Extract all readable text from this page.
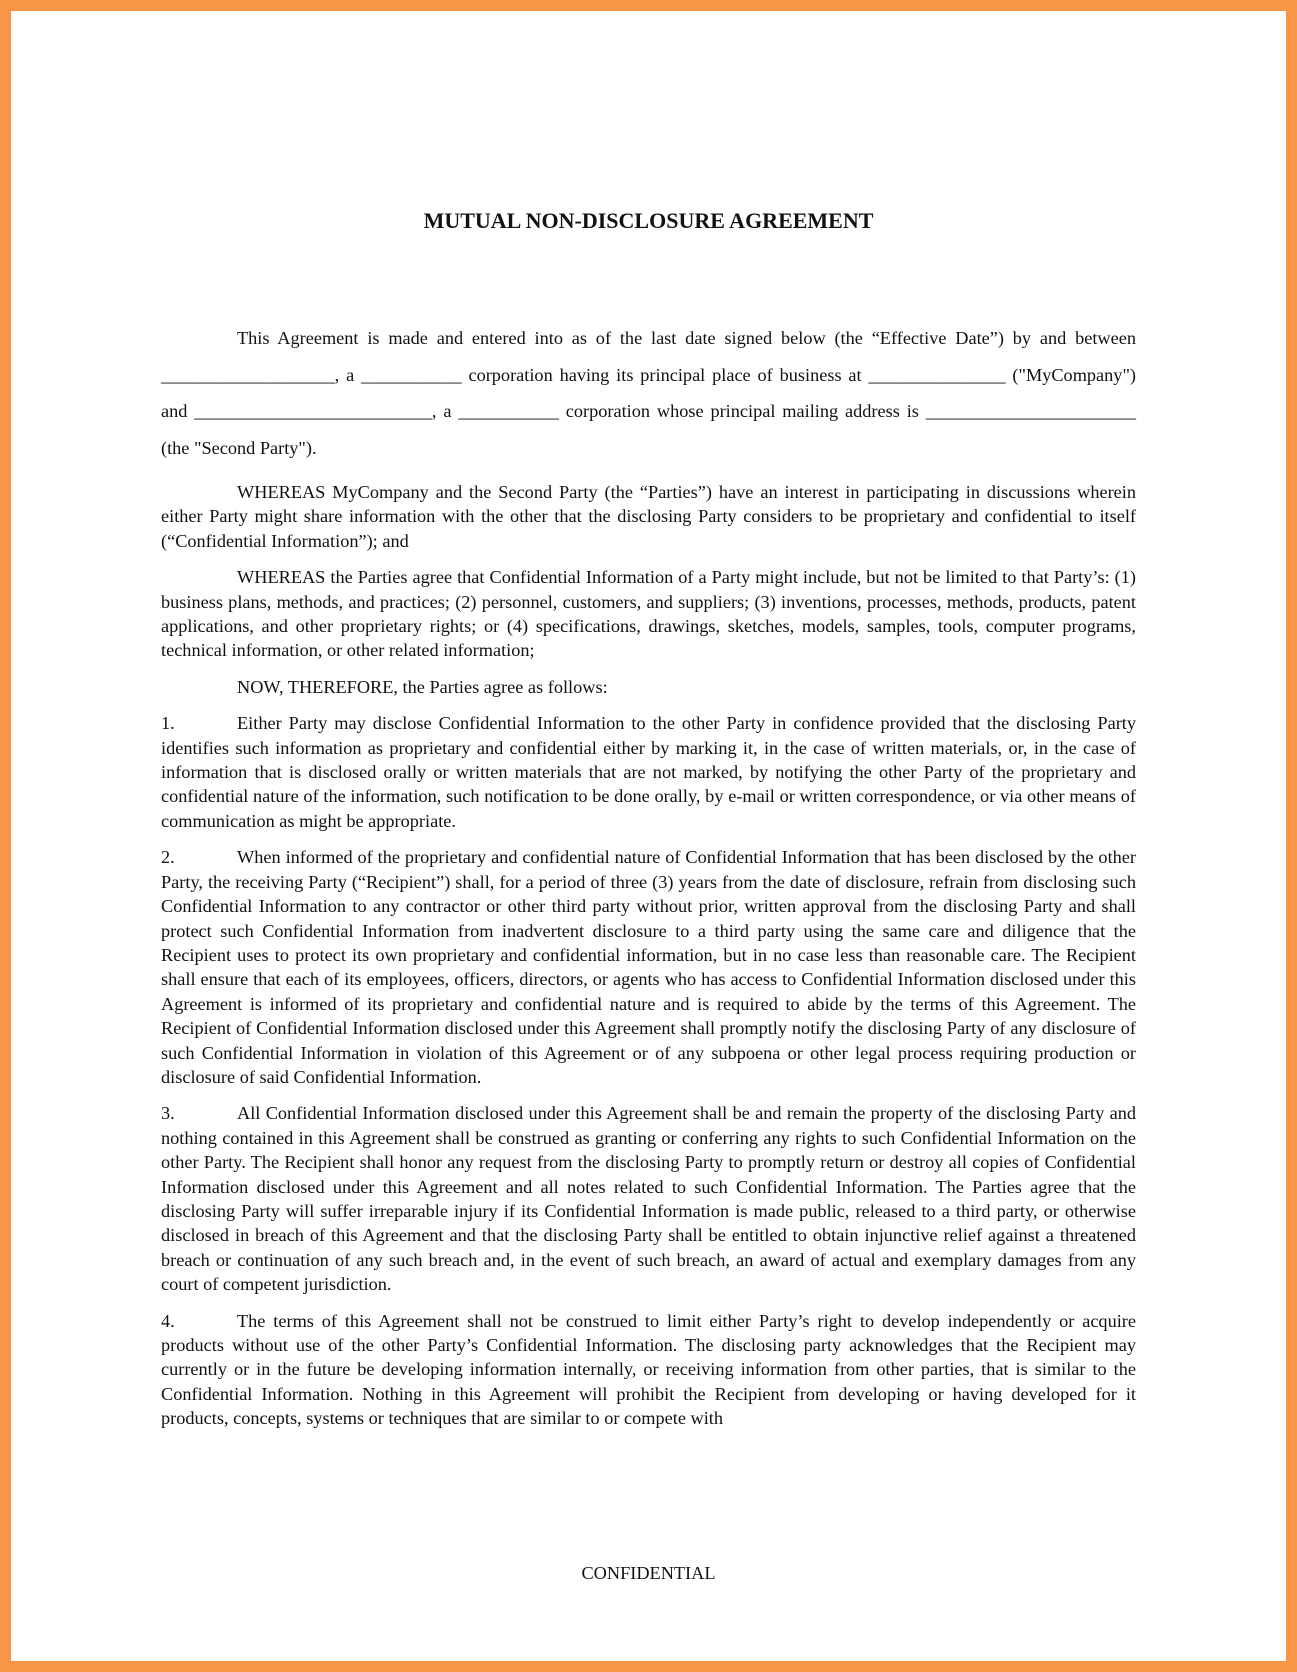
MUTUAL NON-DISCLOSURE AGREEMENT

This Agreement is made and entered into as of the last date signed below (the “Effective Date”) by and between ___________________, a ___________ corporation having its principal place of business at _______________ ("MyCompany") and __________________________, a ___________ corporation whose principal mailing address is _______________________ (the "Second Party").

WHEREAS MyCompany and the Second Party (the “Parties”) have an interest in participating in discussions wherein either Party might share information with the other that the disclosing Party considers to be proprietary and confidential to itself (“Confidential Information”); and

WHEREAS the Parties agree that Confidential Information of a Party might include, but not be limited to that Party’s: (1) business plans, methods, and practices; (2) personnel, customers, and suppliers; (3) inventions, processes, methods, products, patent applications, and other proprietary rights; or (4) specifications, drawings, sketches, models, samples, tools, computer programs, technical information, or other related information;

NOW, THEREFORE, the Parties agree as follows:

1.	Either Party may disclose Confidential Information to the other Party in confidence provided that the disclosing Party identifies such information as proprietary and confidential either by marking it, in the case of written materials, or, in the case of information that is disclosed orally or written materials that are not marked, by notifying the other Party of the proprietary and confidential nature of the information, such notification to be done orally, by e-mail or written correspondence, or via other means of communication as might be appropriate.

2.	When informed of the proprietary and confidential nature of Confidential Information that has been disclosed by the other Party, the receiving Party (“Recipient”) shall, for a period of three (3) years from the date of disclosure, refrain from disclosing such Confidential Information to any contractor or other third party without prior, written approval from the disclosing Party and shall protect such Confidential Information from inadvertent disclosure to a third party using the same care and diligence that the Recipient uses to protect its own proprietary and confidential information, but in no case less than reasonable care. The Recipient shall ensure that each of its employees, officers, directors, or agents who has access to Confidential Information disclosed under this Agreement is informed of its proprietary and confidential nature and is required to abide by the terms of this Agreement. The Recipient of Confidential Information disclosed under this Agreement shall promptly notify the disclosing Party of any disclosure of such Confidential Information in violation of this Agreement or of any subpoena or other legal process requiring production or disclosure of said Confidential Information.

3.	All Confidential Information disclosed under this Agreement shall be and remain the property of the disclosing Party and nothing contained in this Agreement shall be construed as granting or conferring any rights to such Confidential Information on the other Party. The Recipient shall honor any request from the disclosing Party to promptly return or destroy all copies of Confidential Information disclosed under this Agreement and all notes related to such Confidential Information. The Parties agree that the disclosing Party will suffer irreparable injury if its Confidential Information is made public, released to a third party, or otherwise disclosed in breach of this Agreement and that the disclosing Party shall be entitled to obtain injunctive relief against a threatened breach or continuation of any such breach and, in the event of such breach, an award of actual and exemplary damages from any court of competent jurisdiction.

4.	The terms of this Agreement shall not be construed to limit either Party’s right to develop independently or acquire products without use of the other Party’s Confidential Information. The disclosing party acknowledges that the Recipient may currently or in the future be developing information internally, or receiving information from other parties, that is similar to the Confidential Information. Nothing in this Agreement will prohibit the Recipient from developing or having developed for it products, concepts, systems or techniques that are similar to or compete with

CONFIDENTIAL
